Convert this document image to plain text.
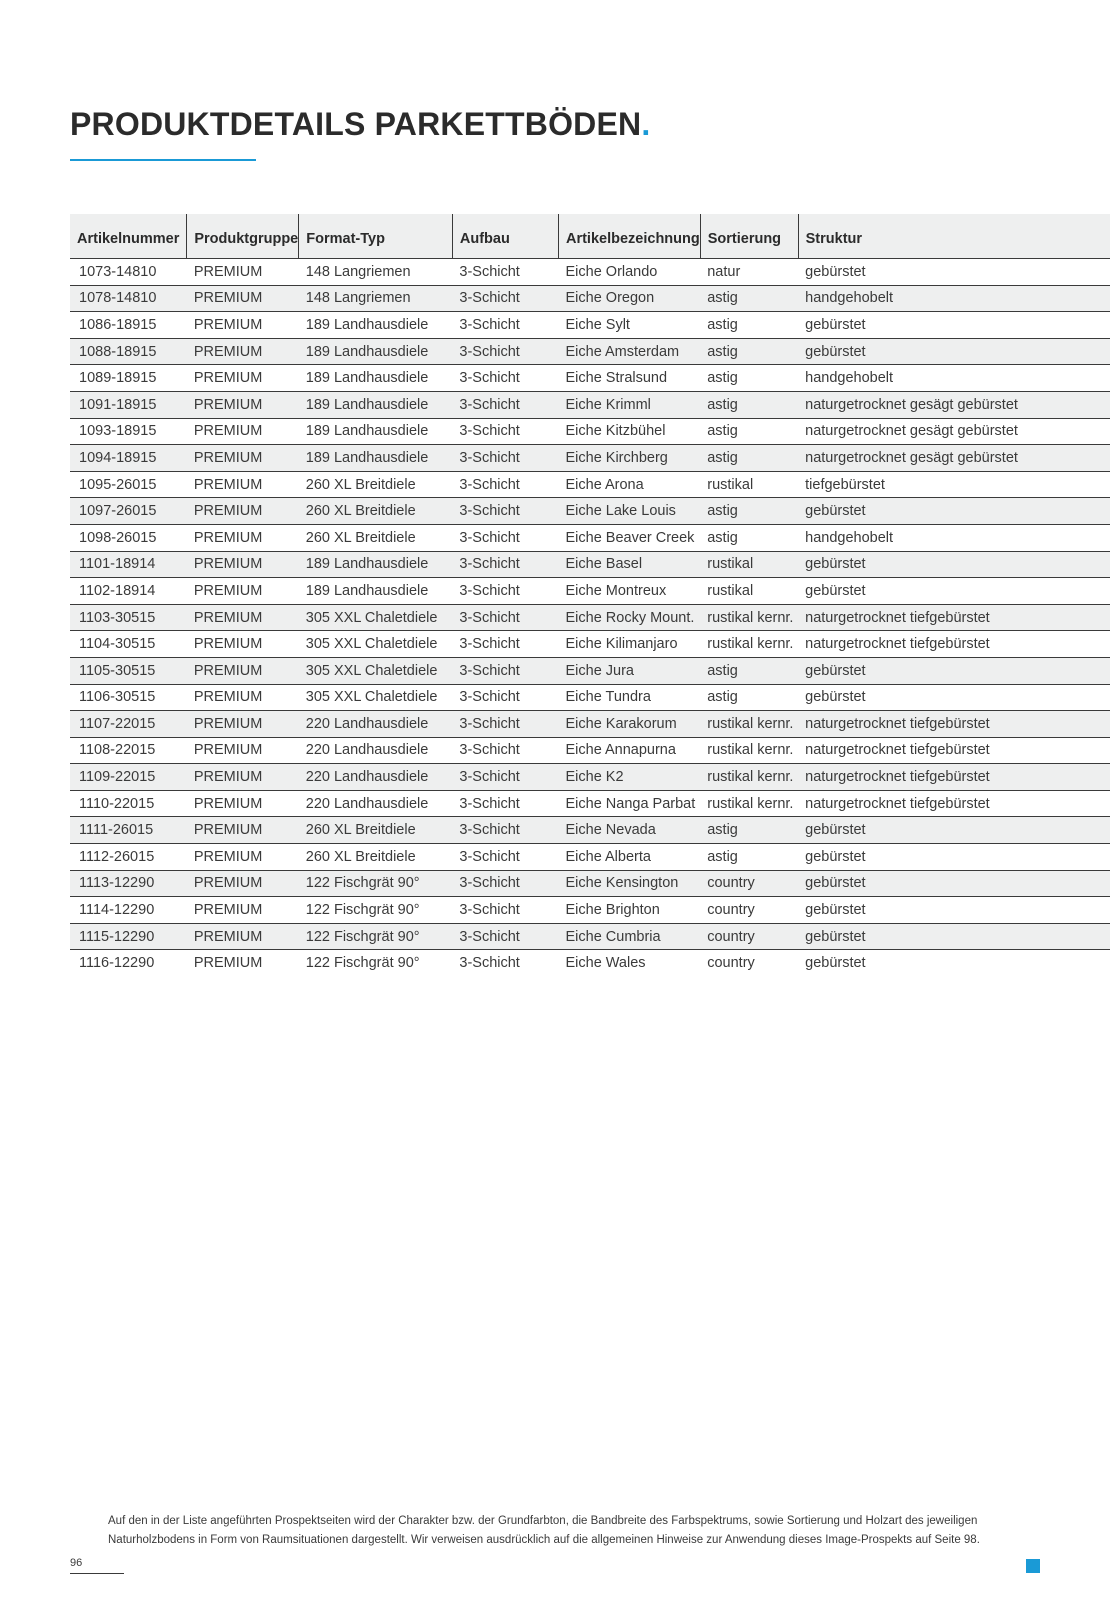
PRODUKTDETAILS PARKETTBÖDEN.
Artikelnummer	Produktgruppe	Format-Typ	Aufbau	Artikelbezeichnung	Sortierung	Struktur
1073-14810	PREMIUM	148 Langriemen	3-Schicht	Eiche Orlando	natur	gebürstet
1078-14810	PREMIUM	148 Langriemen	3-Schicht	Eiche Oregon	astig	handgehobelt
1086-18915	PREMIUM	189 Landhausdiele	3-Schicht	Eiche Sylt	astig	gebürstet
1088-18915	PREMIUM	189 Landhausdiele	3-Schicht	Eiche Amsterdam	astig	gebürstet
1089-18915	PREMIUM	189 Landhausdiele	3-Schicht	Eiche Stralsund	astig	handgehobelt
1091-18915	PREMIUM	189 Landhausdiele	3-Schicht	Eiche Krimml	astig	naturgetrocknet gesägt gebürstet
1093-18915	PREMIUM	189 Landhausdiele	3-Schicht	Eiche Kitzbühel	astig	naturgetrocknet gesägt gebürstet
1094-18915	PREMIUM	189 Landhausdiele	3-Schicht	Eiche Kirchberg	astig	naturgetrocknet gesägt gebürstet
1095-26015	PREMIUM	260 XL Breitdiele	3-Schicht	Eiche Arona	rustikal	tiefgebürstet
1097-26015	PREMIUM	260 XL Breitdiele	3-Schicht	Eiche Lake Louis	astig	gebürstet
1098-26015	PREMIUM	260 XL Breitdiele	3-Schicht	Eiche Beaver Creek	astig	handgehobelt
1101-18914	PREMIUM	189 Landhausdiele	3-Schicht	Eiche Basel	rustikal	gebürstet
1102-18914	PREMIUM	189 Landhausdiele	3-Schicht	Eiche Montreux	rustikal	gebürstet
1103-30515	PREMIUM	305 XXL Chaletdiele	3-Schicht	Eiche Rocky Mount.	rustikal kernr.	naturgetrocknet tiefgebürstet
1104-30515	PREMIUM	305 XXL Chaletdiele	3-Schicht	Eiche Kilimanjaro	rustikal kernr.	naturgetrocknet tiefgebürstet
1105-30515	PREMIUM	305 XXL Chaletdiele	3-Schicht	Eiche Jura	astig	gebürstet
1106-30515	PREMIUM	305 XXL Chaletdiele	3-Schicht	Eiche Tundra	astig	gebürstet
1107-22015	PREMIUM	220 Landhausdiele	3-Schicht	Eiche Karakorum	rustikal kernr.	naturgetrocknet tiefgebürstet
1108-22015	PREMIUM	220 Landhausdiele	3-Schicht	Eiche Annapurna	rustikal kernr.	naturgetrocknet tiefgebürstet
1109-22015	PREMIUM	220 Landhausdiele	3-Schicht	Eiche K2	rustikal kernr.	naturgetrocknet tiefgebürstet
1110-22015	PREMIUM	220 Landhausdiele	3-Schicht	Eiche Nanga Parbat	rustikal kernr.	naturgetrocknet tiefgebürstet
1111-26015	PREMIUM	260 XL Breitdiele	3-Schicht	Eiche Nevada	astig	gebürstet
1112-26015	PREMIUM	260 XL Breitdiele	3-Schicht	Eiche Alberta	astig	gebürstet
1113-12290	PREMIUM	122 Fischgrät 90°	3-Schicht	Eiche Kensington	country	gebürstet
1114-12290	PREMIUM	122 Fischgrät 90°	3-Schicht	Eiche Brighton	country	gebürstet
1115-12290	PREMIUM	122 Fischgrät 90°	3-Schicht	Eiche Cumbria	country	gebürstet
1116-12290	PREMIUM	122 Fischgrät 90°	3-Schicht	Eiche Wales	country	gebürstet

Auf den in der Liste angeführten Prospektseiten wird der Charakter bzw. der Grundfarbton, die Bandbreite des Farbspektrums, sowie Sortierung und Holzart des jeweiligen Naturholzbodens in Form von Raumsituationen dargestellt. Wir verweisen ausdrücklich auf die allgemeinen Hinweise zur Anwendung dieses Image-Prospekts auf Seite 98.

96
